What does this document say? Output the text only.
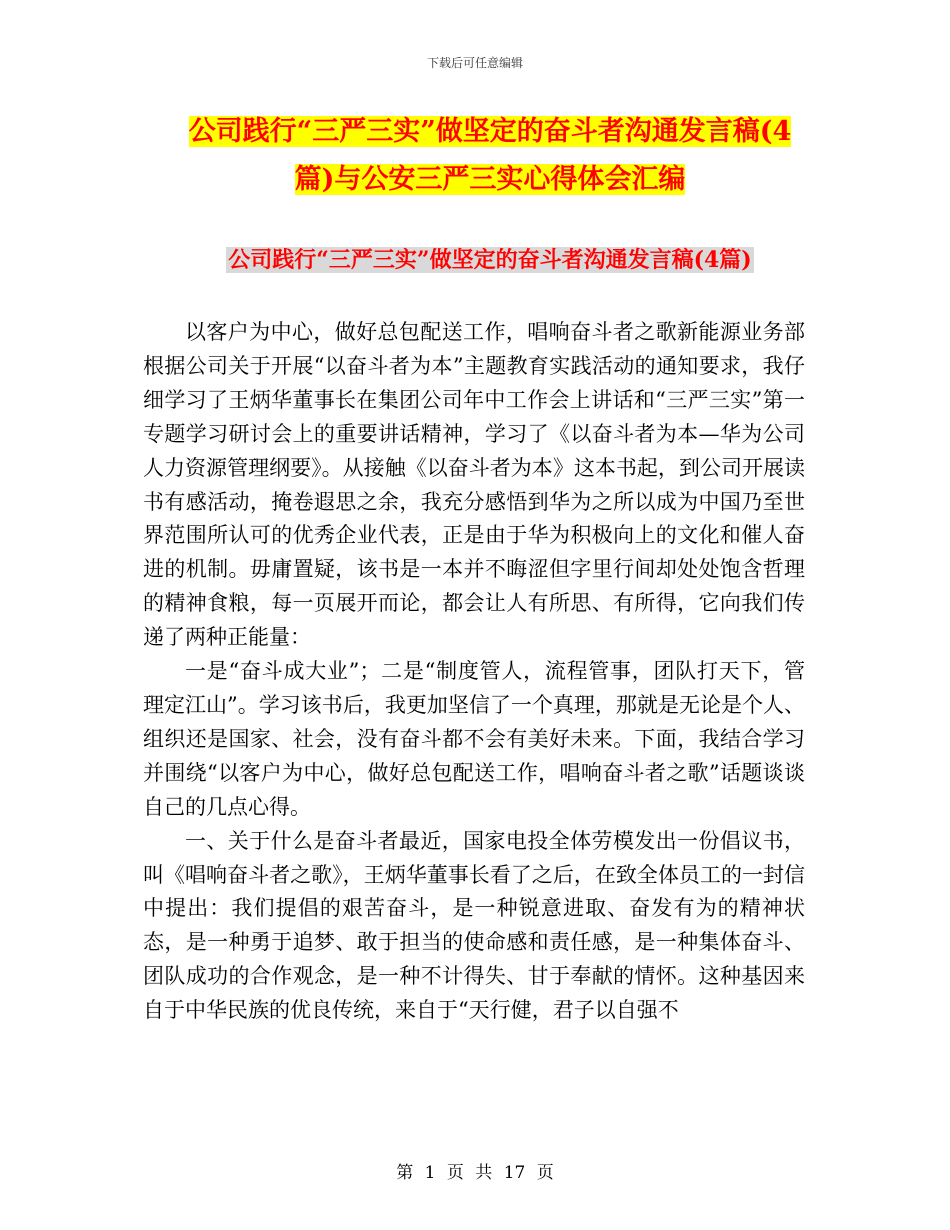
下载后可任意编辑
公司践行“三严三实”做坚定的奋斗者沟通发言稿(4
篇)与公安三严三实心得体会汇编
公司践行“三严三实”做坚定的奋斗者沟通发言稿(4篇)

以客户为中心，做好总包配送工作，唱响奋斗者之歌新能源业务部根据公司关于开展“以奋斗者为本”主题教育实践活动的通知要求，我仔细学习了王炳华董事长在集团公司年中工作会上讲话和“三严三实”第一专题学习研讨会上的重要讲话精神，学习了《以奋斗者为本—华为公司人力资源管理纲要》。从接触《以奋斗者为本》这本书起，到公司开展读书有感活动，掩卷遐思之余，我充分感悟到华为之所以成为中国乃至世界范围所认可的优秀企业代表，正是由于华为积极向上的文化和催人奋进的机制。毋庸置疑，该书是一本并不晦涩但字里行间却处处饱含哲理的精神食粮，每一页展开而论，都会让人有所思、有所得，它向我们传递了两种正能量：

一是“奋斗成大业”；二是“制度管人，流程管事，团队打天下，管理定江山”。学习该书后，我更加坚信了一个真理，那就是无论是个人、组织还是国家、社会，没有奋斗都不会有美好未来。下面，我结合学习并围绕“以客户为中心，做好总包配送工作，唱响奋斗者之歌”话题谈谈自己的几点心得。

一、关于什么是奋斗者最近，国家电投全体劳模发出一份倡议书，叫《唱响奋斗者之歌》，王炳华董事长看了之后，在致全体员工的一封信中提出：我们提倡的艰苦奋斗，是一种锐意进取、奋发有为的精神状态，是一种勇于追梦、敢于担当的使命感和责任感，是一种集体奋斗、团队成功的合作观念，是一种不计得失、甘于奉献的情怀。这种基因来自于中华民族的优良传统，来自于“天行健，君子以自强不

第 1 页 共 17 页
